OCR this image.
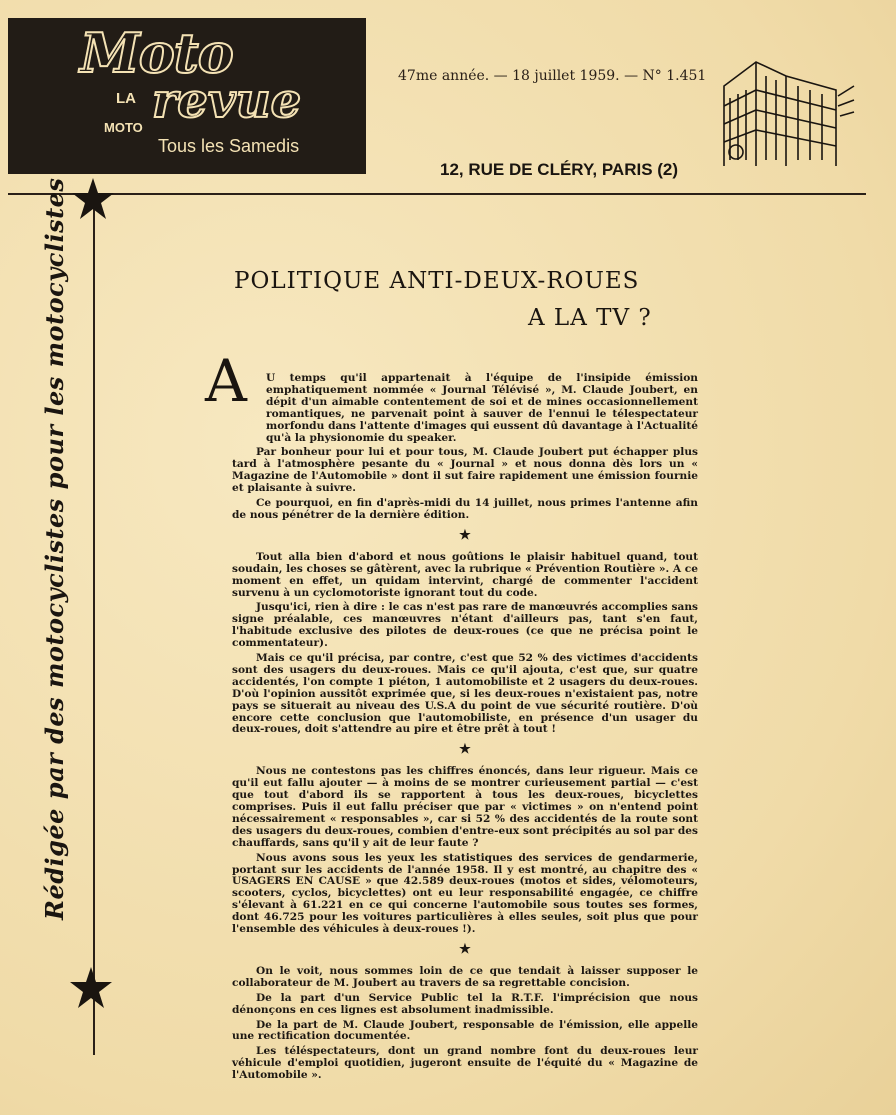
Moto
LA
MOTO revue
Tous les Samedis
47me année. — 18 juillet 1959. — N° 1.451
12, RUE DE CLÉRY, PARIS (2)
Rédigée par des motocyclistes pour les motocyclistes	POLITIQUE ANTI-DEUX-ROUES
A LA TV ?
A U temps qu'il appartenait à l'équipe de l'insipide émission emphatiquement nommée « Journal Télévisé », M. Claude Joubert, en dépit d'un aimable contentement de soi et de mines occasionnellement romantiques, ne parvenait point à sauver de l'ennui le télespectateur morfondu dans l'attente d'images qui eussent dû davantage à l'Actualité qu'à la physionomie du speaker.

Par bonheur pour lui et pour tous, M. Claude Joubert put échapper plus tard à l'atmosphère pesante du « Journal » et nous donna dès lors un « Magazine de l'Automobile » dont il sut faire rapidement une émission fournie et plaisante à suivre.

Ce pourquoi, en fin d'après-midi du 14 juillet, nous primes l'antenne afin de nous pénétrer de la dernière édition.

★

Tout alla bien d'abord et nous goûtions le plaisir habituel quand, tout soudain, les choses se gâtèrent, avec la rubrique « Prévention Routière ». A ce moment en effet, un quidam intervint, chargé de commenter l'accident survenu à un cyclomotoriste ignorant tout du code.

Jusqu'ici, rien à dire : le cas n'est pas rare de manœuvrés accomplies sans signe préalable, ces manœuvres n'étant d'ailleurs pas, tant s'en faut, l'habitude exclusive des pilotes de deux-roues (ce que ne précisa point le commentateur).

Mais ce qu'il précisa, par contre, c'est que 52 % des victimes d'accidents sont des usagers du deux-roues. Mais ce qu'il ajouta, c'est que, sur quatre accidentés, l'on compte 1 piéton, 1 automobiliste et 2 usagers du deux-roues. D'où l'opinion aussitôt exprimée que, si les deux-roues n'existaient pas, notre pays se situerait au niveau des U.S.A du point de vue sécurité routière. D'où encore cette conclusion que l'automobiliste, en présence d'un usager du deux-roues, doit s'attendre au pire et être prêt à tout !

★

Nous ne contestons pas les chiffres énoncés, dans leur rigueur. Mais ce qu'il eut fallu ajouter — à moins de se montrer curieusement partial — c'est que tout d'abord ils se rapportent à tous les deux-roues, bicyclettes comprises. Puis il eut fallu préciser que par « victimes » on n'entend point nécessairement « responsables », car si 52 % des accidentés de la route sont des usagers du deux-roues, combien d'entre-eux sont précipités au sol par des chauffards, sans qu'il y ait de leur faute ?

Nous avons sous les yeux les statistiques des services de gendarmerie, portant sur les accidents de l'année 1958. Il y est montré, au chapitre des « USAGERS EN CAUSE » que 42.589 deux-roues (motos et sides, vélomoteurs, scooters, cyclos, bicyclettes) ont eu leur responsabilité engagée, ce chiffre s'élevant à 61.221 en ce qui concerne l'automobile sous toutes ses formes, dont 46.725 pour les voitures particulières à elles seules, soit plus que pour l'ensemble des véhicules à deux-roues !).

★

On le voit, nous sommes loin de ce que tendait à laisser supposer le collaborateur de M. Joubert au travers de sa regrettable concision.

De la part d'un Service Public tel la R.T.F. l'imprécision que nous dénonçons en ces lignes est absolument inadmissible.

De la part de M. Claude Joubert, responsable de l'émission, elle appelle une rectification documentée.

Les téléspectateurs, dont un grand nombre font du deux-roues leur véhicule d'emploi quotidien, jugeront ensuite de l'équité du « Magazine de l'Automobile ».
